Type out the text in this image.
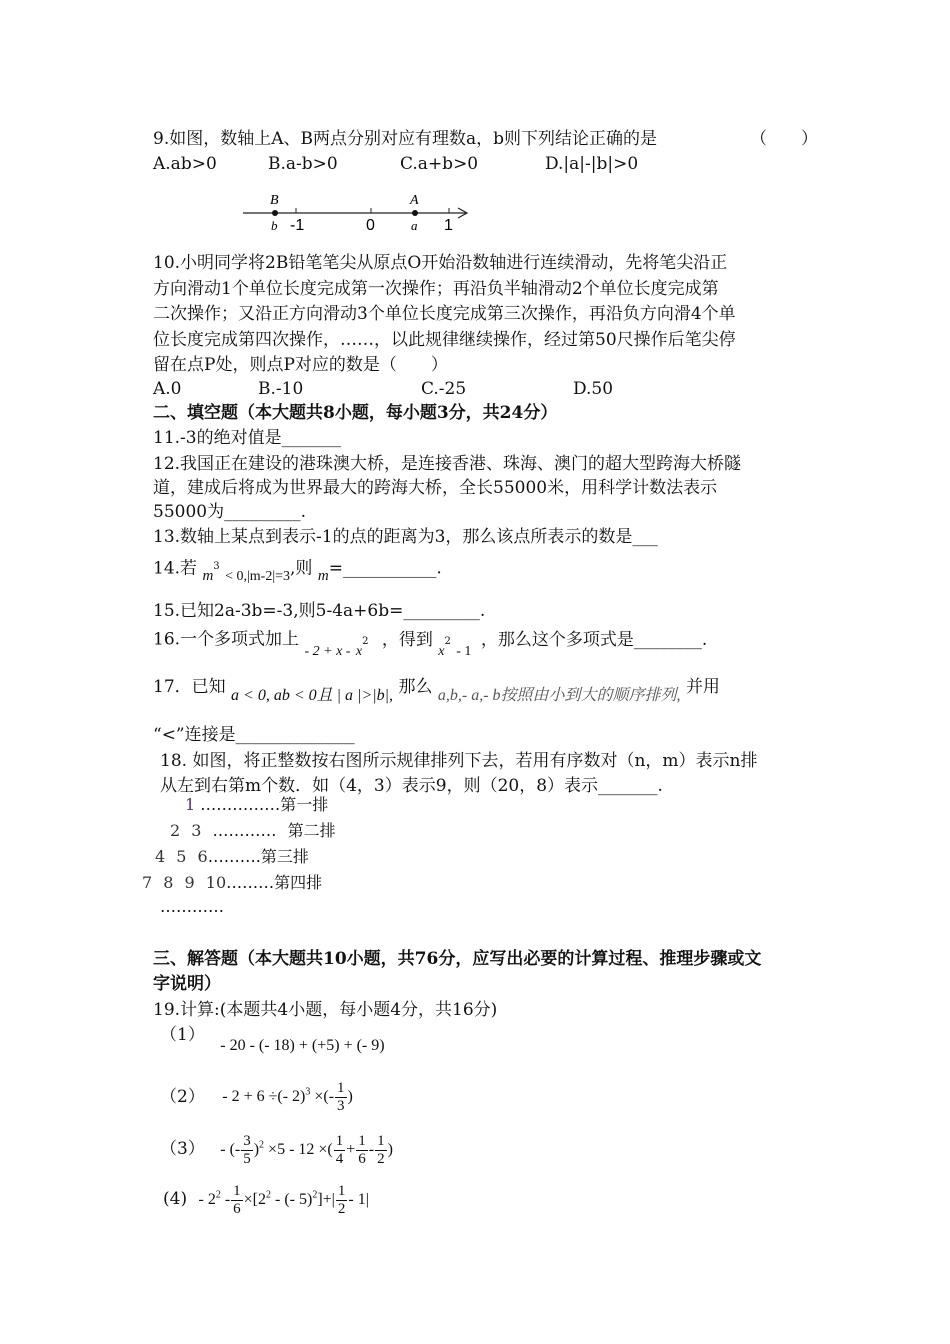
9.如图，数轴上A、B两点分别对应有理数a，b则下列结论正确的是	（　　）
A.ab>0	B.a-b>0	C.a+b>0	D.|a|-|b|>0
B	A
b -1	0	a 1
10.小明同学将2B铅笔笔尖从原点O开始沿数轴进行连续滑动，先将笔尖沿正
方向滑动1个单位长度完成第一次操作；再沿负半轴滑动2个单位长度完成第
二次操作；又沿正方向滑动3个单位长度完成第三次操作，再沿负方向滑4个单
位长度完成第四次操作，……，以此规律继续操作，经过第50尺操作后笔尖停
留在点P处，则点P对应的数是（　　）
A.0	B.-10	C.-25	D.50
二、填空题（本大题共8小题，每小题3分，共24分）
11.-3的绝对值是_______
12.我国正在建设的港珠澳大桥，是连接香港、珠海、澳门的超大型跨海大桥隧
道，建成后将成为世界最大的跨海大桥，全长55000米，用科学计数法表示
55000为_________.
13.数轴上某点到表示-1的点的距离为3，那么该点所表示的数是___
14.若 $m^3$ $_{< 0,|m-2|=3}$,则 m=___________.
15.已知2a-3b=-3,则5-4a+6b=_________.
16.一个多项式加上 $_{- 2 + x -}$ $_x^2$ ，得到 $_x^2$ $_{- 1}$ ，那么这个多项式是________.
17．已知 a < 0, ab < 0且 | a |>|b|, 那么 a,b,- a,- b按照由小到大的顺序排列, 并用
“<”连接是______________
18. 如图，将正整数按右图所示规律排列下去，若用有序数对（n，m）表示n排
从左到右第m个数．如（4，3）表示9，则（20，8）表示_______.
1 ……………第一排
2 3 ………… 第二排
4 5 6……….第三排
7 8 9 10………第四排
…………
三、解答题（本大题共10小题，共76分，应写出必要的计算过程、推理步骤或文
字说明）
19.计算:(本题共4小题，每小题4分，共16分)
（1） - 20 - (- 18) + (+5) + (- 9)
（2） - 2 + 6 ÷(- 2)$^3$ ×(- $\frac{1}{3}$ )
（3） - (- $\frac{3}{5} )^2 \times 5 - 12$ ×( $\frac{1}{4} + \frac{1}{6} - \frac{1}{2}$ )
$(4) - 2^2 - \frac{1}{6} \times[2^2$ - (- $5)^2]+| \frac{1}{2} - 1|$
